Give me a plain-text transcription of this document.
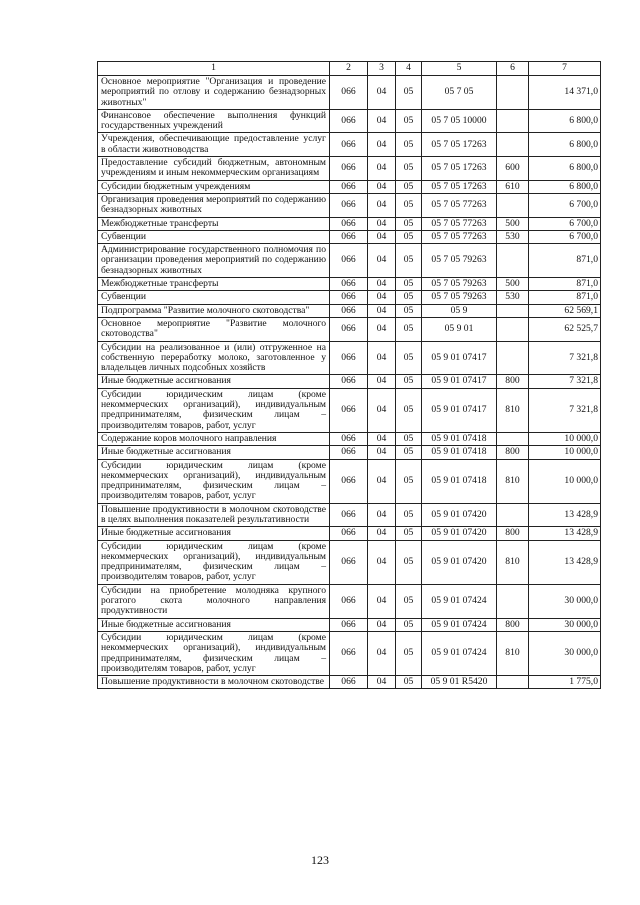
1	2	3	4	5	6	7
Основное мероприятие "Организация и проведение мероприятий по отлову и содержанию безнадзорных животных"	066	04	05	05 7 05		14 371,0
Финансовое обеспечение выполнения функций государственных учреждений	066	04	05	05 7 05 10000		6 800,0
Учреждения, обеспечивающие предоставление услуг в области животноводства	066	04	05	05 7 05 17263		6 800,0
Предоставление субсидий бюджетным, автономным учреждениям и иным некоммерческим организациям	066	04	05	05 7 05 17263	600	6 800,0
Субсидии бюджетным учреждениям	066	04	05	05 7 05 17263	610	6 800,0
Организация проведения мероприятий по содержанию безнадзорных животных	066	04	05	05 7 05 77263		6 700,0
Межбюджетные трансферты	066	04	05	05 7 05 77263	500	6 700,0
Субвенции	066	04	05	05 7 05 77263	530	6 700,0
Администрирование государственного полномочия по организации проведения мероприятий по содержанию безнадзорных животных	066	04	05	05 7 05 79263		871,0
Межбюджетные трансферты	066	04	05	05 7 05 79263	500	871,0
Субвенции	066	04	05	05 7 05 79263	530	871,0
Подпрограмма "Развитие молочного скотоводства"	066	04	05	05 9		62 569,1
Основное мероприятие "Развитие молочного скотоводства"	066	04	05	05 9 01		62 525,7
Субсидии на реализованное и (или) отгруженное на собственную переработку молоко, заготовленное у владельцев личных подсобных хозяйств	066	04	05	05 9 01 07417		7 321,8
Иные бюджетные ассигнования	066	04	05	05 9 01 07417	800	7 321,8
Субсидии юридическим лицам (кроме некоммерческих организаций), индивидуальным предпринимателям, физическим лицам – производителям товаров, работ, услуг	066	04	05	05 9 01 07417	810	7 321,8
Содержание коров молочного направления	066	04	05	05 9 01 07418		10 000,0
Иные бюджетные ассигнования	066	04	05	05 9 01 07418	800	10 000,0
Субсидии юридическим лицам (кроме некоммерческих организаций), индивидуальным предпринимателям, физическим лицам – производителям товаров, работ, услуг	066	04	05	05 9 01 07418	810	10 000,0
Повышение продуктивности в молочном скотоводстве в целях выполнения показателей результативности	066	04	05	05 9 01 07420		13 428,9
Иные бюджетные ассигнования	066	04	05	05 9 01 07420	800	13 428,9
Субсидии юридическим лицам (кроме некоммерческих организаций), индивидуальным предпринимателям, физическим лицам – производителям товаров, работ, услуг	066	04	05	05 9 01 07420	810	13 428,9
Субсидии на приобретение молодняка крупного рогатого скота молочного направления продуктивности	066	04	05	05 9 01 07424		30 000,0
Иные бюджетные ассигнования	066	04	05	05 9 01 07424	800	30 000,0
Субсидии юридическим лицам (кроме некоммерческих организаций), индивидуальным предпринимателям, физическим лицам – производителям товаров, работ, услуг	066	04	05	05 9 01 07424	810	30 000,0
Повышение продуктивности в молочном скотоводстве	066	04	05	05 9 01 R5420		1 775,0
123
